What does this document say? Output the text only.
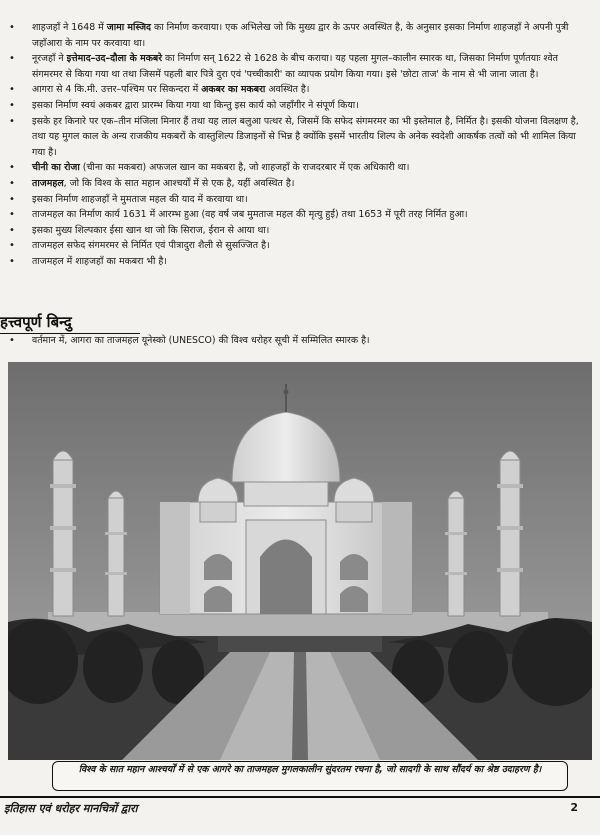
• शाहजहाँ ने 1648 में जामा मस्जिद का निर्माण करवाया। एक अभिलेख जो कि मुख्य द्वार के ऊपर अवस्थित है, के अनुसार इसका निर्माण शाहजहाँ ने अपनी पुत्री जहाँआरा के नाम पर करवाया था।

• नूरजहाँ ने इत्तेमाद–उद–दौला के मकबरे का निर्माण सन् 1622 से 1628 के बीच कराया। यह पहला मुगल–कालीन स्मारक था, जिसका निर्माण पूर्णतयाः श्वेत संगमरमर से किया गया था तथा जिसमें पहली बार पित्रे दुरा एवं 'पच्चीकारी' का व्यापक प्रयोग किया गया। इसे 'छोटा ताज' के नाम से भी जाना जाता है।

• आगरा से 4 कि.मी. उत्तर–पश्चिम पर सिकन्दरा में अकबर का मकबरा अवस्थित है।

• इसका निर्माण स्वयं अकबर द्वारा प्रारम्भ किया गया था किन्तु इस कार्य को जहाँगीर ने संपूर्ण किया।

• इसके हर किनारे पर एक–तीन मंजिला मिनार हैं तथा यह लाल बलुआ पत्थर से, जिसमें कि सफेद संगमरमर का भी इस्तेमाल है, निर्मित है। इसकी योजना विलक्षण है, तथा यह मुगल काल के अन्य राजकीय मकबरों के वास्तुशिल्प डिजाइनों से भिन्न है क्योंकि इसमें भारतीय शिल्प के अनेक स्वदेशी आकर्षक तत्वों को भी शामिल किया गया है।

• चीनी का रोजा (चीना का मकबरा) अफजल खान का मकबरा है, जो शाहजहाँ के राजदरबार में एक अधिकारी था।

• ताजमहल, जो कि विश्व के सात महान आश्चर्यों में से एक है, यहीं अवस्थित है।

• इसका निर्माण शाहजहाँ ने मुमताज महल की याद में करवाया था।

• ताजमहल का निर्माण कार्य 1631 में आरम्भ हुआ (वह वर्ष जब मुमताज महल की मृत्यु हुई) तथा 1653 में पूरी तरह निर्मित हुआ।

• इसका मुख्य शिल्पकार ईसा खान था जो कि सिराज, ईरान से आया था।

• ताजमहल सफेद संगमरमर से निर्मित एवं पीत्रादुरा शैली से सुसज्जित है।

• ताजमहल में शाहजहाँ का मकबरा भी है।

हत्त्वपूर्ण बिन्दु

• वर्तमान में, आगरा का ताजमहल यूनेस्को (UNESCO) की विश्व धरोहर सूची में सम्मिलित स्मारक है।

विश्व के सात महान आश्चर्यों में से एक आगरे का ताजमहल मुगलकालीन सुंदरतम रचना है, जो सादगी के साथ सौंदर्य का श्रेष्ठ उदाहरण है।
इतिहास एवं धरोहर मानचित्रों द्वारा	2
